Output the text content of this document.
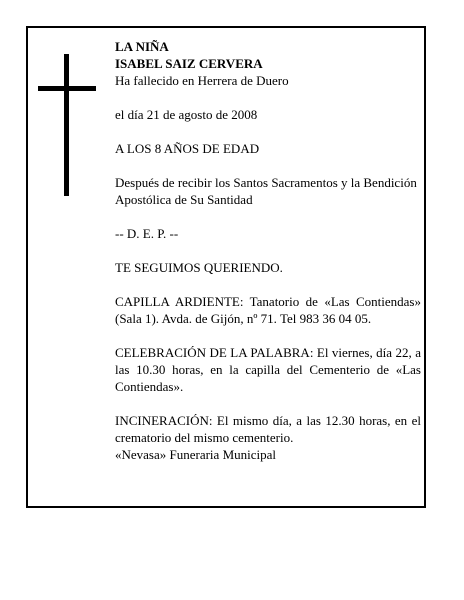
LA NIÑA
ISABEL SAIZ CERVERA
Ha fallecido en Herrera de Duero
el día 21 de agosto de 2008
A LOS 8 AÑOS DE EDAD
Después de recibir los Santos Sacramentos y la Bendición Apostólica de Su Santidad
-- D. E. P. --
TE SEGUIMOS QUERIENDO.
CAPILLA ARDIENTE: Tanatorio de «Las Contiendas» (Sala 1). Avda. de Gijón, nº 71. Tel 983 36 04 05.
CELEBRACIÓN DE LA PALABRA: El viernes, día 22, a las 10.30 horas, en la capilla del Cementerio de «Las Contiendas».
INCINERACIÓN: El mismo día, a las 12.30 horas, en el crematorio del mismo cementerio.
«Nevasa» Funeraria Municipal
